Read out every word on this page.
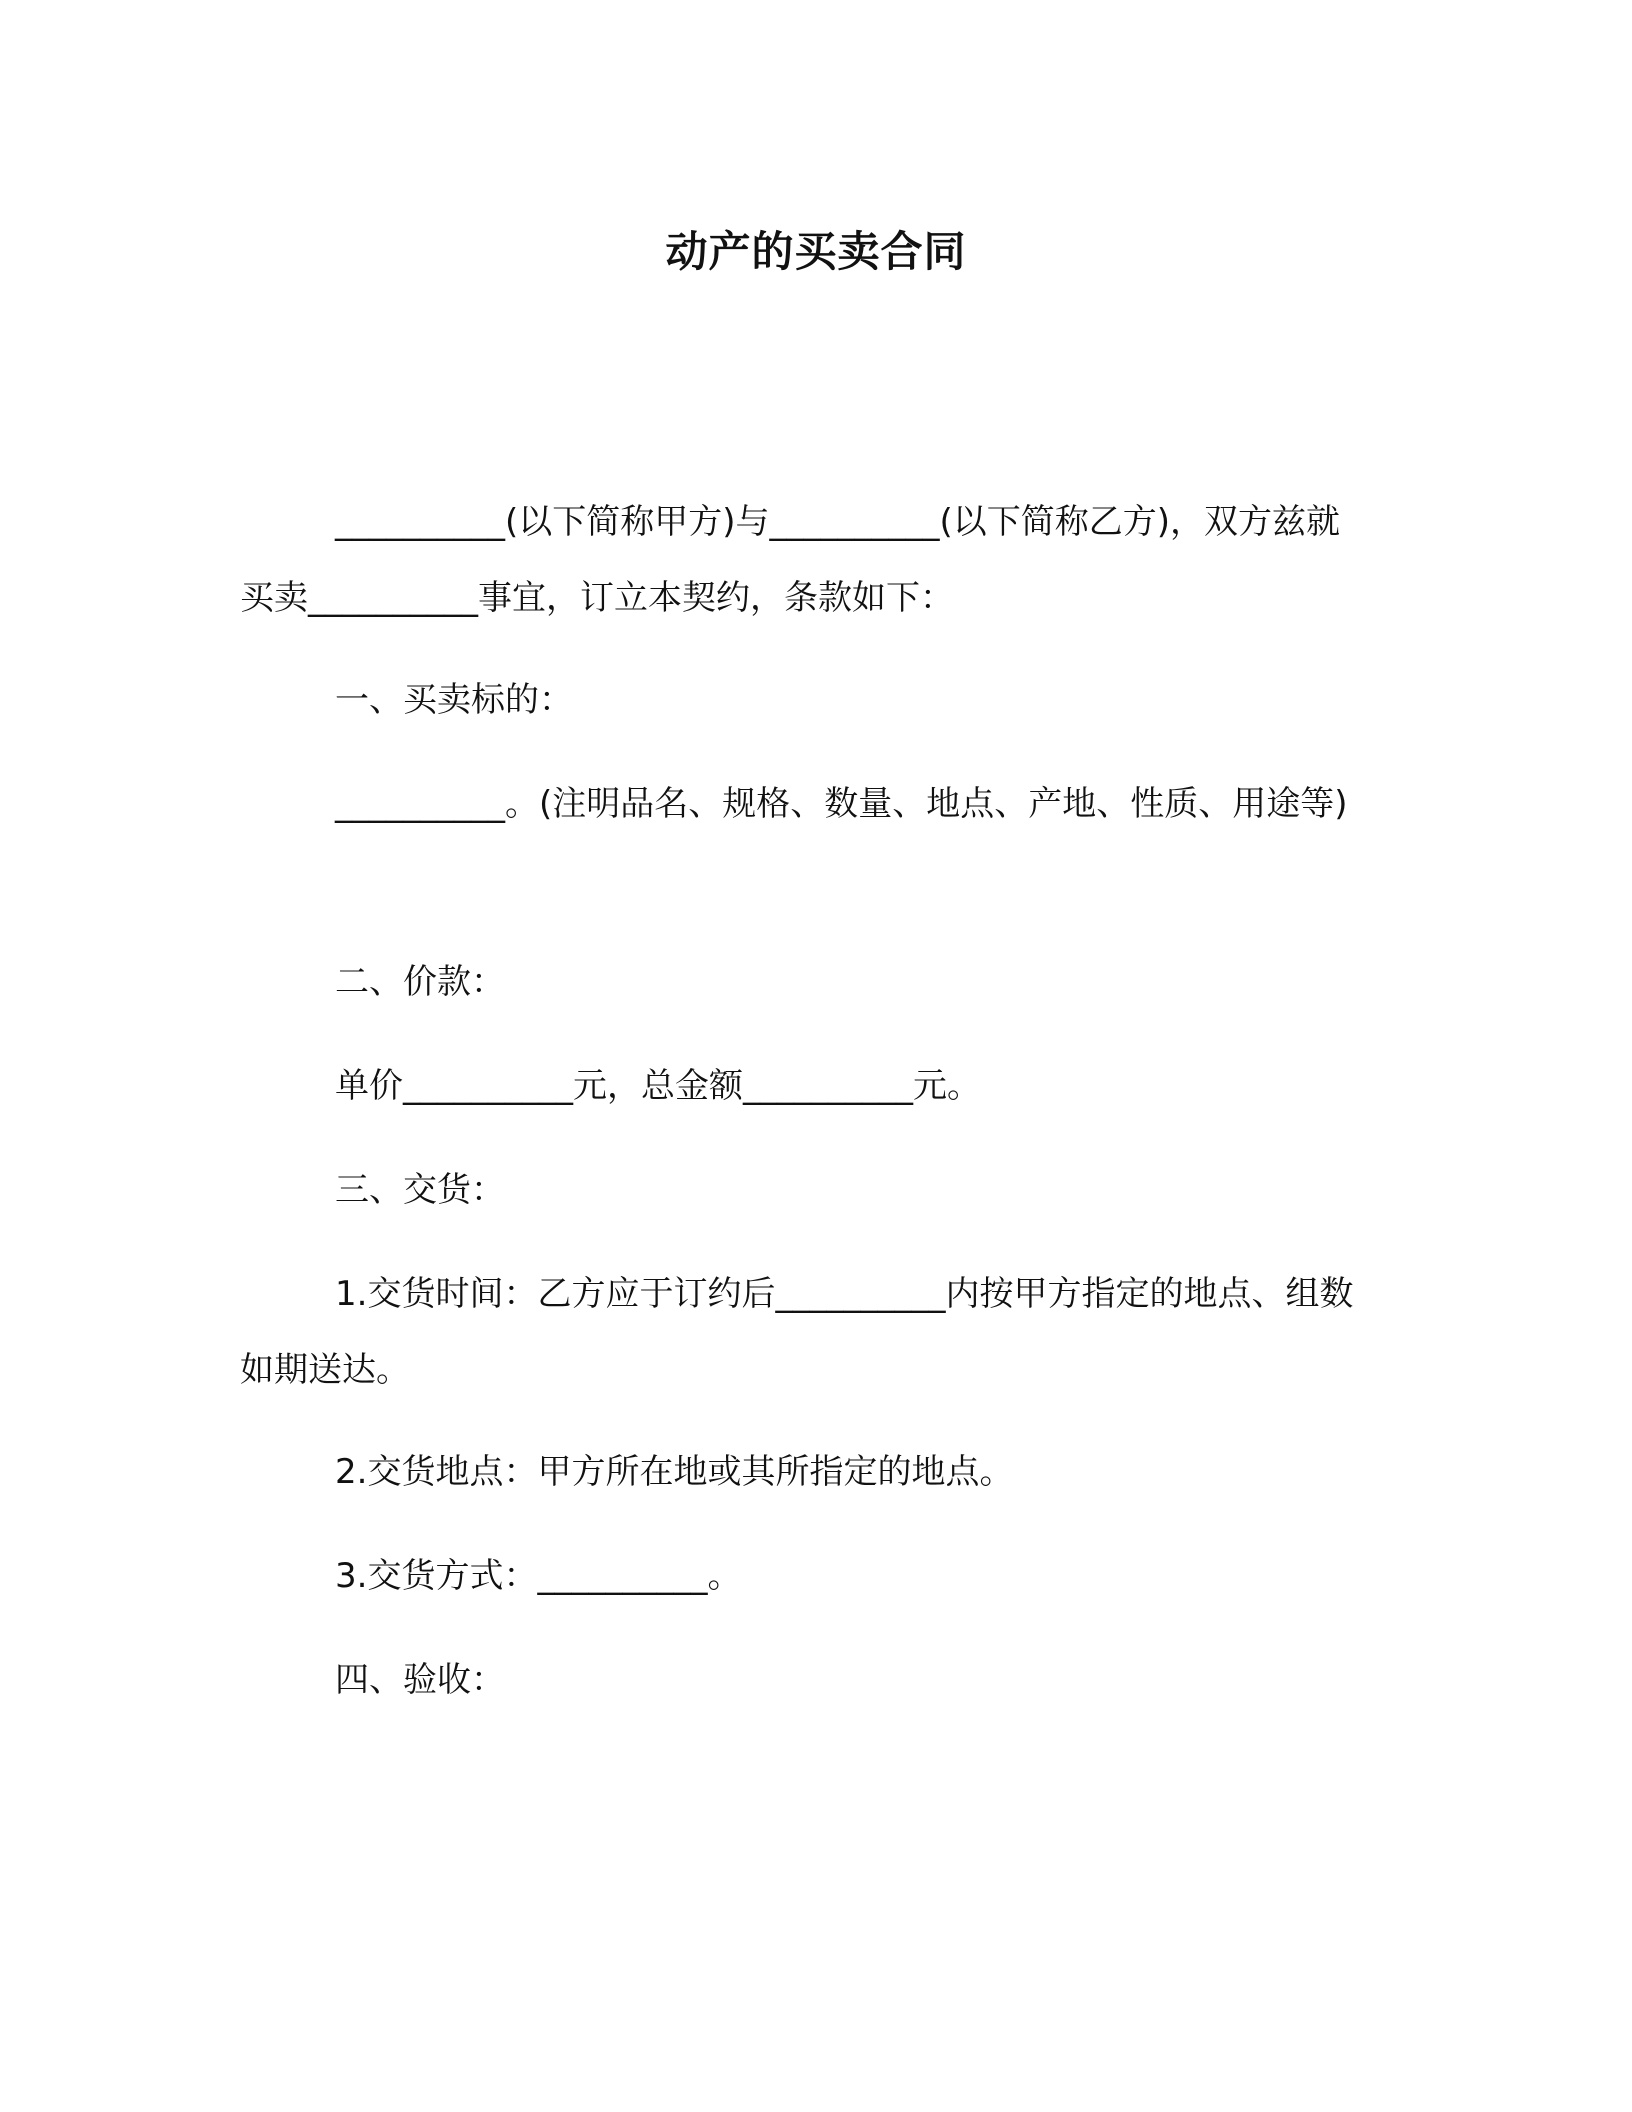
动产的买卖合同

__________(以下简称甲方)与__________(以下简称乙方)，双方兹就买卖__________事宜，订立本契约，条款如下：

一、买卖标的：

__________。(注明品名、规格、数量、地点、产地、性质、用途等)

二、价款：

单价__________元，总金额__________元。

三、交货：

1.交货时间：乙方应于订约后__________内按甲方指定的地点、组数如期送达。

2.交货地点：甲方所在地或其所指定的地点。

3.交货方式：__________。

四、验收：
